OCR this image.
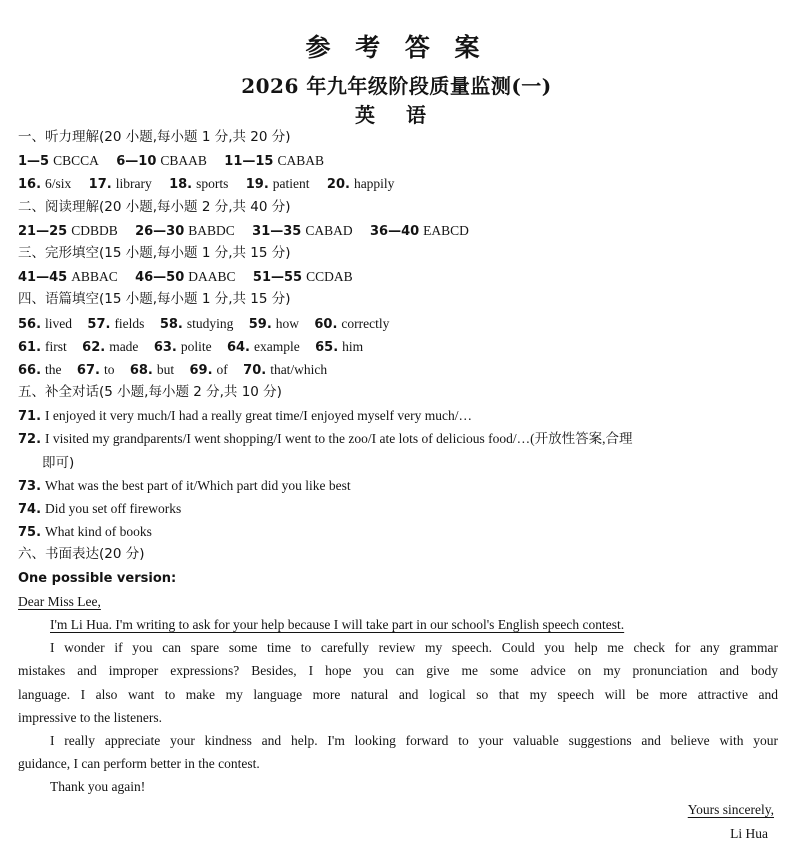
参 考 答 案
2026 年九年级阶段质量监测(一)
英 语
一、听力理解(20 小题,每小题 1 分,共 20 分)
1—5 CBCCA 6—10 CBAAB 11—15 CABAB
16. 6/six 17. library 18. sports 19. patient 20. happily
二、阅读理解(20 小题,每小题 2 分,共 40 分)
21—25 CDBDB 26—30 BABDC 31—35 CABAD 36—40 EABCD
三、完形填空(15 小题,每小题 1 分,共 15 分)
41—45 ABBAC 46—50 DAABC 51—55 CCDAB
四、语篇填空(15 小题,每小题 1 分,共 15 分)
56. lived 57. fields 58. studying 59. how 60. correctly
61. first 62. made 63. polite 64. example 65. him
66. the 67. to 68. but 69. of 70. that/which
五、补全对话(5 小题,每小题 2 分,共 10 分)
71. I enjoyed it very much/I had a really great time/I enjoyed myself very much/…
72. I visited my grandparents/I went shopping/I went to the zoo/I ate lots of delicious food/…(开放性答案,合理
即可)
73. What was the best part of it/Which part did you like best
74. Did you set off fireworks
75. What kind of books
六、书面表达(20 分)
One possible version:
Dear Miss Lee,
I'm Li Hua. I'm writing to ask for your help because I will take part in our school's English speech contest.
I wonder if you can spare some time to carefully review my speech. Could you help me check for any grammar
mistakes and improper expressions? Besides, I hope you can give me some advice on my pronunciation and body
language. I also want to make my language more natural and logical so that my speech will be more attractive and
impressive to the listeners.
I really appreciate your kindness and help. I'm looking forward to your valuable suggestions and believe with your
guidance, I can perform better in the contest.
Thank you again!
Yours sincerely,
Li Hua
